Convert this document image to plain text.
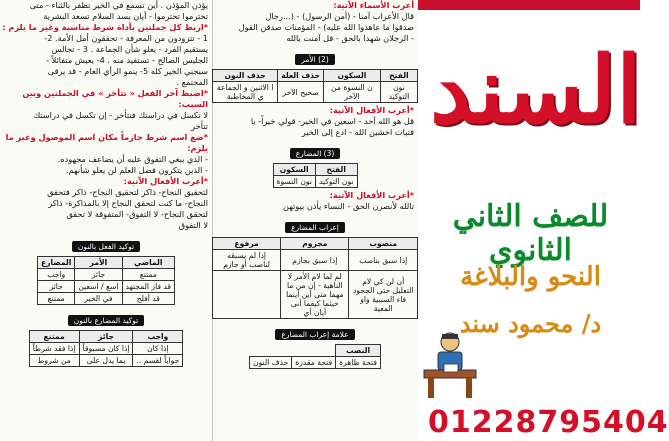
يؤذن المؤذن . أين تسمع في الخير تظفر بالثناء - متى
تحترموا تحترموا - أيان يسد السلام تسعد البشرية
*اربط كل جملتين بأداة شرط مناسبة وغير ما يلزم :
1 - تتزودون من المعرفة - تحققون أمل الأمة. 2-
يستقيم الفرد - يعلو شأن الجماعة . 3 - تجالس
الجليس الصالح - تستفيد منه . 4- يعيش متفائلاً -
سيجني الخير كله 5- ينمو الرأي العام - قد يرقى
المجتمع .
*اضبط آخر الفعل « تتأخر » في الجملتين وبين
السبب:
لا تكسل في دراستك فتتأخر - إن تكسل في دراستك
تتأخر
*ضع اسم شرط جازماً مكان اسم الموصول وغير ما
يلزم:
- الذي يبغي التفوق عليه أن يضاعف مجهوده.
- الذين يتكرون فضل العلم لن يعلو شأنهم.
*أعرب الأفعال الآتية:
لتحقيق النجاح- ذاكر لتحقيق النجاح- ذاكر فتحقق
النجاح- ما كنت لتحقق النجاح إلا بالمذاكرة- ذاكر
لتحقق النجاح- لا التفوق- المتفوقة لا تحقق
لا التفوق
توكيد الفعل بالنون
الماضي	الأمر	المضارع
ممتنع	جائز	واجب
قد فاز المجتهد	اسع / اسعين	جائز
قد أفلح	في الخير	ممتنع
توكيد المضارع بالنون
واجب	جائز	ممتنع
إذا كان	إذا كان مسبوقاً	إذا فقد شرطاً
جواباً لقسم ..	بما يدل على	من شروط
أعرب الأسماء الآتية:
قال الأعراب آمنا - (أمن الرسول) - (...رجال
صدقوا ما عاهدوا الله عليه) - المؤمنات صدقن القول
- الرجلان شهدا بالحق - قل آمنت بالله
(2) الأمر
الفتح	السكون	حذف العلة	حذف النون
نون التوكيد	ن النسوة من الآخر	صحيح الآخر	ا الاثنين و الجماعة ي المخاطبة
*أعرب الأفعال الآتية:
قل هو الله أحد - اسعين في الخير- قولي خيراً- يا
فتيات اخشين الله - ادع إلى الخير
(3) المضارع
الفتح	السكون
نون التوكيد	نون النسوة
*أعرب الأفعال الآتية:
تالله لأنصرن الحق - النساء يأذن بيوتهن
إعراب المضارع
منصوب	مجزوم	مرفوع
إذا سبق بناصب	إذا سبق بجازم	إذا لم يسبقه لناصب أو جازم
أن لن كي لام التعليل حتى الجحود فاء السببية واو المعية	لم لما لام الأمر لا الناهية - إن من ما مهما متى أين أينما حيثما كيفما أنى أيان أي	
علامة إعراب المضارع
النصب
فتحة ظاهرة	فتحة مقدرة	حذف النون
السند
للصف الثاني الثانوي
النحو والبلاغة
د/ محمود سند
01228795404
